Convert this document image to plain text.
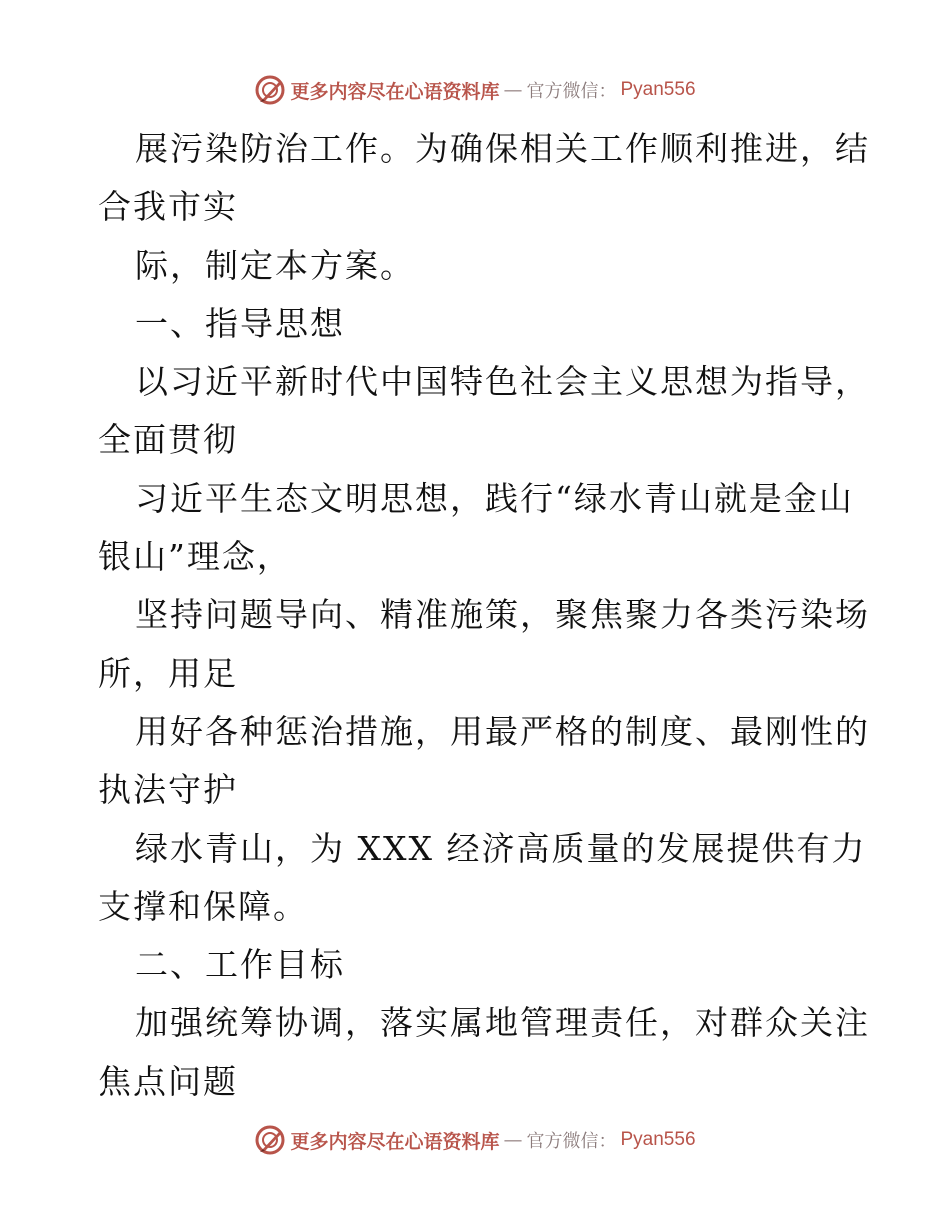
更多内容尽在心语资料库 — 官方微信： Pyan556
展污染防治工作。为确保相关工作顺利推进，结
合我市实
际，制定本方案。
一、指导思想
以习近平新时代中国特色社会主义思想为指导，
全面贯彻
习近平生态文明思想，践行“绿水青山就是金山
银山”理念，
坚持问题导向、精准施策，聚焦聚力各类污染场
所，用足
用好各种惩治措施，用最严格的制度、最刚性的
执法守护
绿水青山，为 XXX 经济高质量的发展提供有力
支撑和保障。
二、工作目标
加强统筹协调，落实属地管理责任，对群众关注
焦点问题
更多内容尽在心语资料库 — 官方微信： Pyan556
